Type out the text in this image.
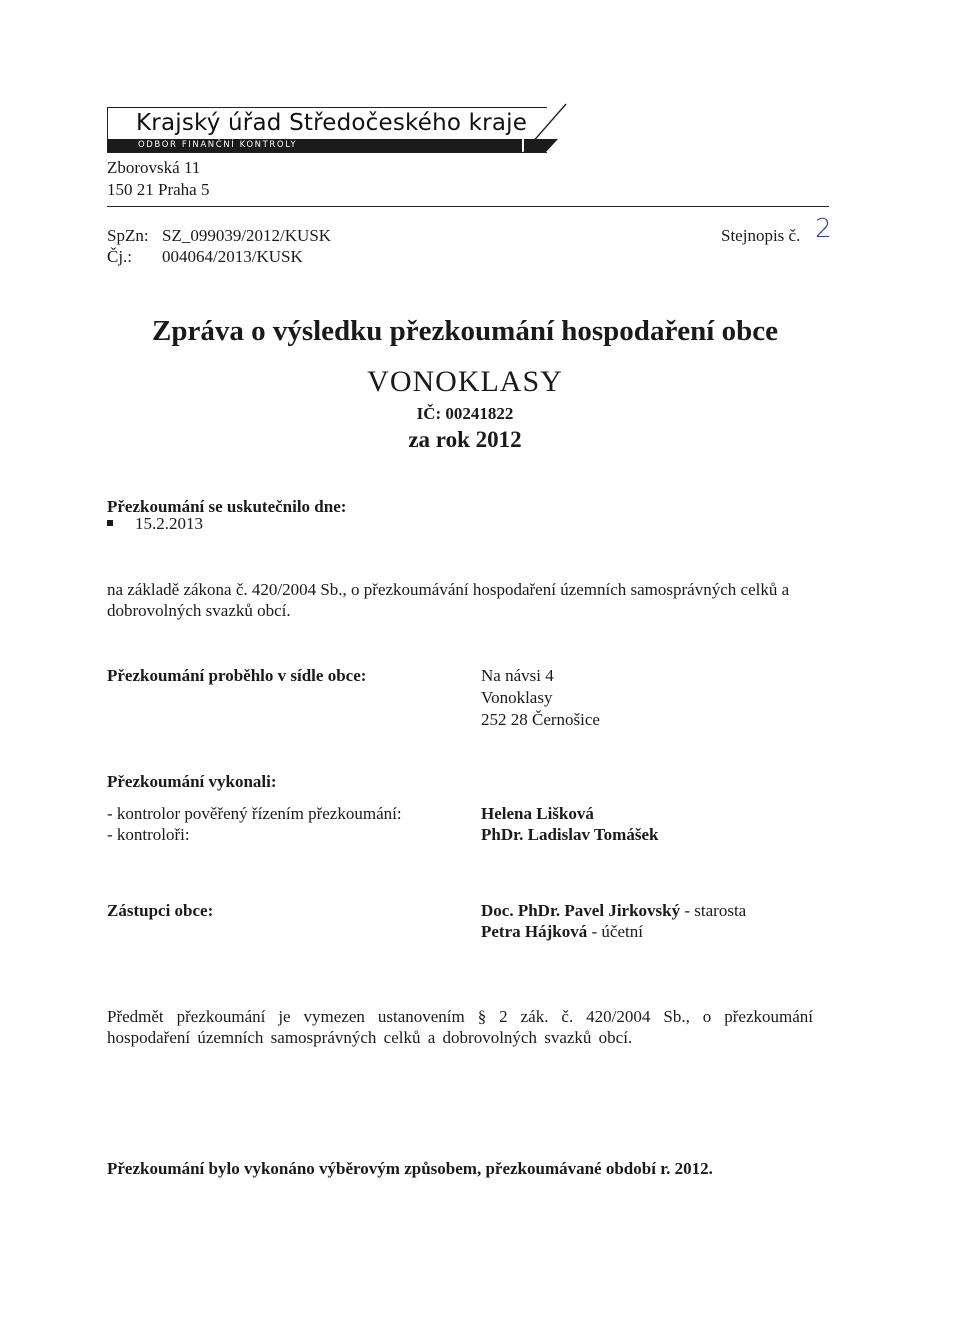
Krajský úřad Středočeského kraje
ODBOR FINANČNÍ KONTROLY
Zborovská 11
150 21 Praha 5
SpZn: SZ_099039/2012/KUSK
Čj.: 004064/2013/KUSK
Stejnopis č. 2
Zpráva o výsledku přezkoumání hospodaření obce
VONOKLASY
IČ: 00241822
za rok 2012
Přezkoumání se uskutečnilo dne:
15.2.2013
na základě zákona č. 420/2004 Sb., o přezkoumávání hospodaření územních samosprávných celků a dobrovolných svazků obcí.
Přezkoumání proběhlo v sídle obce:	Na návsi 4
Vonoklasy
252 28 Černošice
Přezkoumání vykonali:
- kontrolor pověřený řízením přezkoumání:	Helena Lišková
- kontroloři:	PhDr. Ladislav Tomášek
Zástupci obce:	Doc. PhDr. Pavel Jirkovský - starosta
Petra Hájková - účetní
Předmět přezkoumání je vymezen ustanovením § 2 zák. č. 420/2004 Sb., o přezkoumání hospodaření územních samosprávných celků a dobrovolných svazků obcí.
Přezkoumání bylo vykonáno výběrovým způsobem, přezkoumávané období r. 2012.
